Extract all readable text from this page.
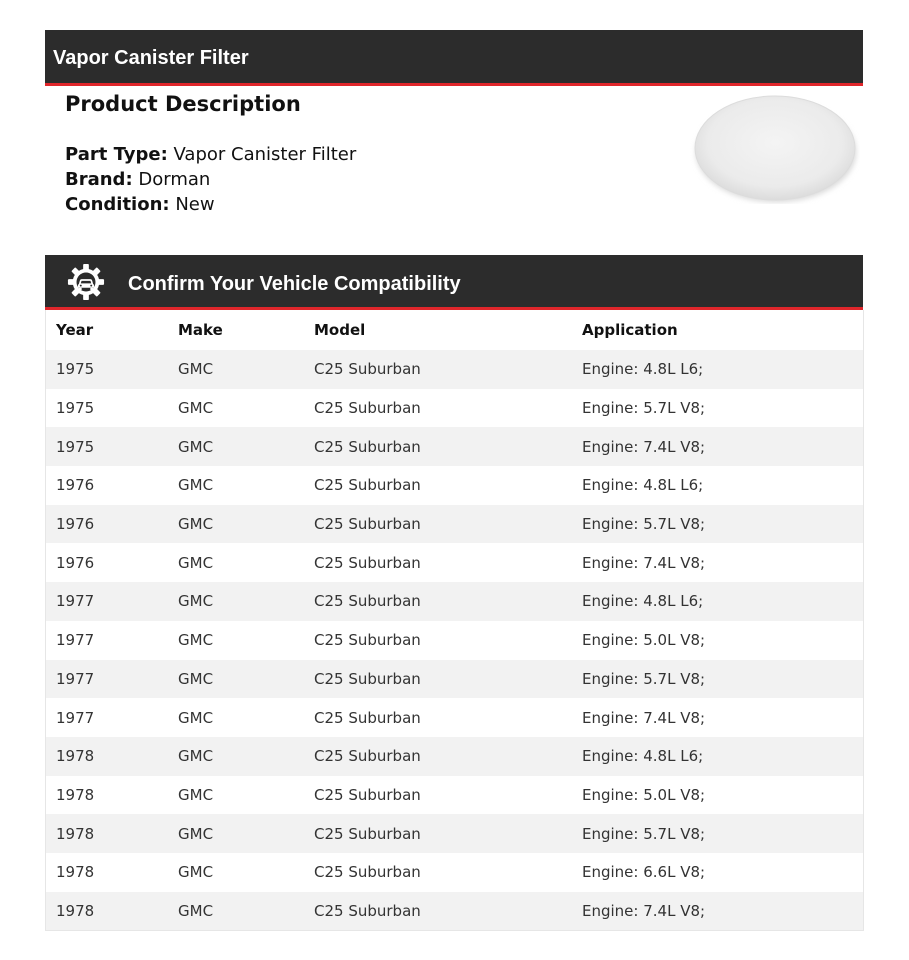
Vapor Canister Filter
Product Description
Part Type: Vapor Canister Filter
Brand: Dorman
Condition: New
Confirm Your Vehicle Compatibility
Year	Make	Model	Application
1975	GMC	C25 Suburban	Engine: 4.8L L6;
1975	GMC	C25 Suburban	Engine: 5.7L V8;
1975	GMC	C25 Suburban	Engine: 7.4L V8;
1976	GMC	C25 Suburban	Engine: 4.8L L6;
1976	GMC	C25 Suburban	Engine: 5.7L V8;
1976	GMC	C25 Suburban	Engine: 7.4L V8;
1977	GMC	C25 Suburban	Engine: 4.8L L6;
1977	GMC	C25 Suburban	Engine: 5.0L V8;
1977	GMC	C25 Suburban	Engine: 5.7L V8;
1977	GMC	C25 Suburban	Engine: 7.4L V8;
1978	GMC	C25 Suburban	Engine: 4.8L L6;
1978	GMC	C25 Suburban	Engine: 5.0L V8;
1978	GMC	C25 Suburban	Engine: 5.7L V8;
1978	GMC	C25 Suburban	Engine: 6.6L V8;
1978	GMC	C25 Suburban	Engine: 7.4L V8;
